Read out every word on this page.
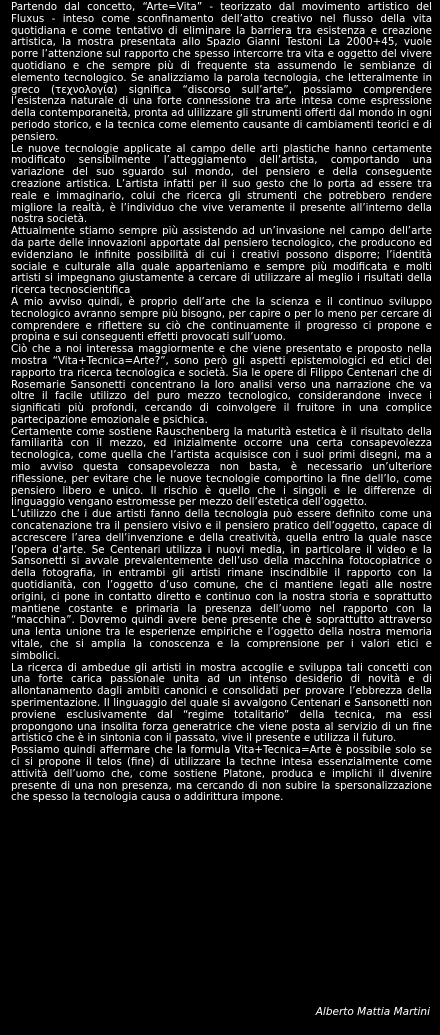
Partendo dal concetto, “Arte=Vita” - teorizzato dal movimento artistico del Fluxus - inteso come sconfinamento dell’atto creativo nel flusso della vita quotidiana e come tentativo di eliminare la barriera tra esistenza e creazione artistica, la mostra presentata allo Spazio Gianni Testoni La 2000+45, vuole porre l’attenzione sul rapporto che spesso intercorre tra vita e oggetto del vivere quotidiano e che sempre più di frequente sta assumendo le sembianze di elemento tecnologico. Se analizziamo la parola tecnologia, che letteralmente in greco (τεχνολογία) significa “discorso sull’arte”, possiamo comprendere l’esistenza naturale di una forte connessione tra arte intesa come espressione della contemporaneità, pronta ad ulilizzare gli strumenti offerti dal mondo in ogni periodo storico, e la tecnica come elemento causante di cambiamenti teorici e di pensiero.

Le nuove tecnologie applicate al campo delle arti plastiche hanno certamente modificato sensibilmente l’atteggiamento dell’artista, comportando una variazione del suo sguardo sul mondo, del pensiero e della conseguente creazione artistica. L’artista infatti per il suo gesto che lo porta ad essere tra reale e immaginario, colui che ricerca gli strumenti che potrebbero rendere migliore la realtà, è l’individuo che vive veramente il presente all’interno della nostra società.

Attualmente stiamo sempre più assistendo ad un’invasione nel campo dell’arte da parte delle innovazioni apportate dal pensiero tecnologico, che producono ed evidenziano le infinite possibilità di cui i creativi possono disporre; l’identità sociale e culturale alla quale apparteniamo e sempre più modificata e molti artisti si impegnano giustamente a cercare di utilizzare al meglio i risultati della ricerca tecnoscientifica

A mio avviso quindi, è proprio dell’arte che la scienza e il continuo sviluppo tecnologico avranno sempre più bisogno, per capire o per lo meno per cercare di comprendere e riflettere su ciò che continuamente il progresso ci propone e propina e sui conseguenti effetti provocati sull’uomo.

Ciò che a noi interessa maggiormente e che viene presentato e proposto nella mostra “Vita+Tecnica=Arte?”, sono però gli aspetti epistemologici ed etici del rapporto tra ricerca tecnologica e società. Sia le opere di Filippo Centenari che di Rosemarie Sansonetti concentrano la loro analisi verso una narrazione che va oltre il facile utilizzo del puro mezzo tecnologico, considerandone invece i significati più profondi, cercando di coinvolgere il fruitore in una complice partecipazione emozionale e psichica.

Certamente come sostiene Rauschenberg la maturità estetica è il risultato della familiarità con il mezzo, ed inizialmente occorre una certa consapevolezza tecnologica, come quella che l’artista acquisisce con i suoi primi disegni, ma a mio avviso questa consapevolezza non basta, è necessario un’ulteriore riflessione, per evitare che le nuove tecnologie comportino la fine dell’Io, come pensiero libero e unico. Il rischio è quello che i singoli e le differenze di linguaggio vengano estromesse per mezzo dell’estetica dell’oggetto.

L’utilizzo che i due artisti fanno della tecnologia può essere definito come una concatenazione tra il pensiero visivo e il pensiero pratico dell’oggetto, capace di accrescere l’area dell’invenzione e della creatività, quella entro la quale nasce l’opera d’arte. Se Centenari utilizza i nuovi media, in particolare il video e la Sansonetti si avvale prevalentemente dell’uso della macchina fotocopiatrice o della fotografia, in entrambi gli artisti rimane inscindibile il rapporto con la quotidianità, con l’oggetto d’uso comune, che ci mantiene legati alle nostre origini, ci pone in contatto diretto e continuo con la nostra storia e soprattutto mantiene costante e primaria la presenza dell’uomo nel rapporto con la “macchina”. Dovremo quindi avere bene presente che è soprattutto attraverso una lenta unione tra le esperienze empiriche e l’oggetto della nostra memoria vitale, che si amplia la conoscenza e la comprensione per i valori etici e simbolici.

La ricerca di ambedue gli artisti in mostra accoglie e sviluppa tali concetti con una forte carica passionale unita ad un intenso desiderio di novità e di allontanamento dagli ambiti canonici e consolidati per provare l’ebbrezza della sperimentazione. Il linguaggio del quale si avvalgono Centenari e Sansonetti non proviene esclusivamente dal “regime totalitario” della tecnica, ma essi propongono una insolita forza generatrice che viene posta al servizio di un fine artistico che è in sintonia con il passato, vive il presente e utilizza il futuro.

Possiamo quindi affermare che la formula Vita+Tecnica=Arte è possibile solo se ci si propone il telos (fine) di utilizzare la techne intesa essenzialmente come attività dell’uomo che, come sostiene Platone, produca e implichi il divenire presente di una non presenza, ma cercando di non subire la spersonalizzazione che spesso la tecnologia causa o addirittura impone.

Alberto Mattia Martini
